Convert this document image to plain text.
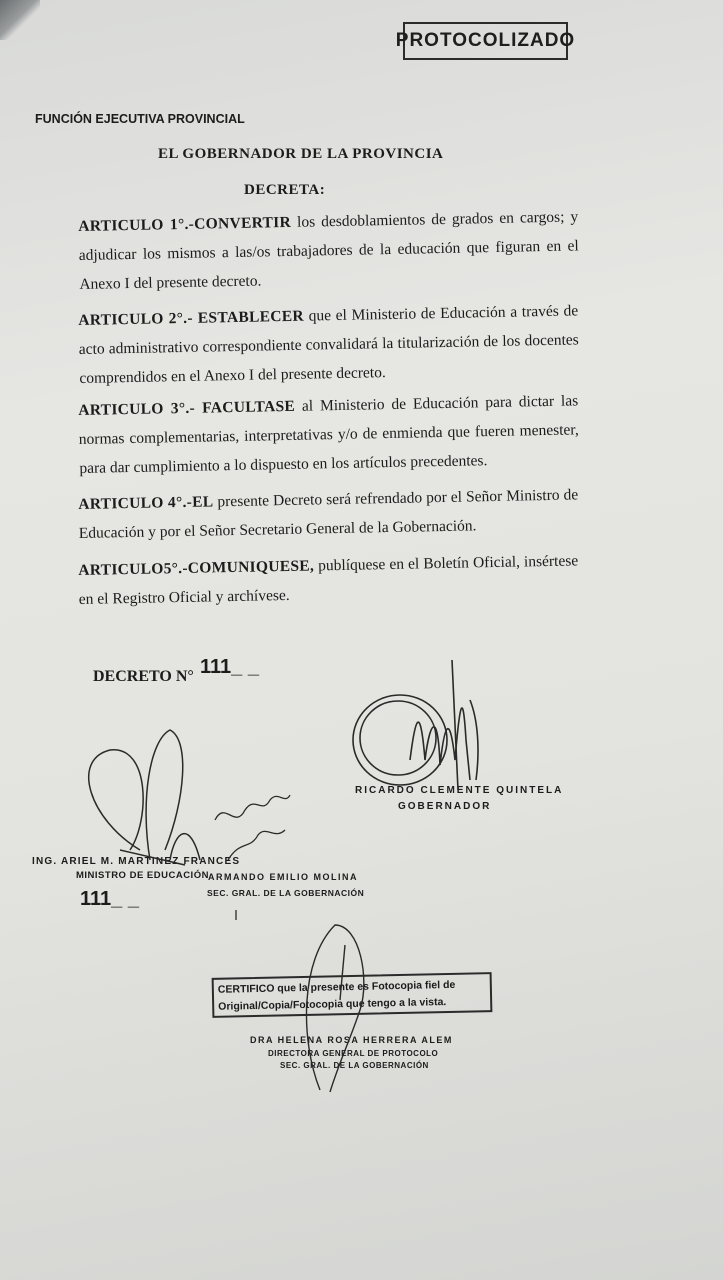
PROTOCOLIZADO
FUNCIÓN EJECUTIVA PROVINCIAL
EL GOBERNADOR DE LA PROVINCIA
DECRETA:
ARTICULO 1°.-CONVERTIR los desdoblamientos de grados en cargos; y adjudicar los mismos a las/os trabajadores de la educación que figuran en el Anexo I del presente decreto.
ARTICULO 2°.- ESTABLECER que el Ministerio de Educación a través de acto administrativo correspondiente convalidará la titularización de los docentes comprendidos en el Anexo I del presente decreto.
ARTICULO 3°.- FACULTASE al Ministerio de Educación para dictar las normas complementarias, interpretativas y/o de enmienda que fueren menester, para dar cumplimiento a lo dispuesto en los artículos precedentes.
ARTICULO 4°.-EL presente Decreto será refrendado por el Señor Ministro de Educación y por el Señor Secretario General de la Gobernación.
ARTICULO5°.-COMUNIQUESE, publíquese en el Boletín Oficial, insértese en el Registro Oficial y archívese.
DECRETO N° 111_ _
RICARDO CLEMENTE QUINTELA
GOBERNADOR
ING. ARIEL M. MARTINEZ FRANCES
MINISTRO DE EDUCACIÓN
111_ _
ARMANDO EMILIO MOLINA
SEC. GRAL. DE LA GOBERNACIÓN
CERTIFICO que la presente es Fotocopia fiel de
Original/Copia/Fotocopia que tengo a la vista.
DRA HELENA ROSA HERRERA ALEM
DIRECTORA GENERAL DE PROTOCOLO
SEC. GRAL. DE LA GOBERNACIÓN
